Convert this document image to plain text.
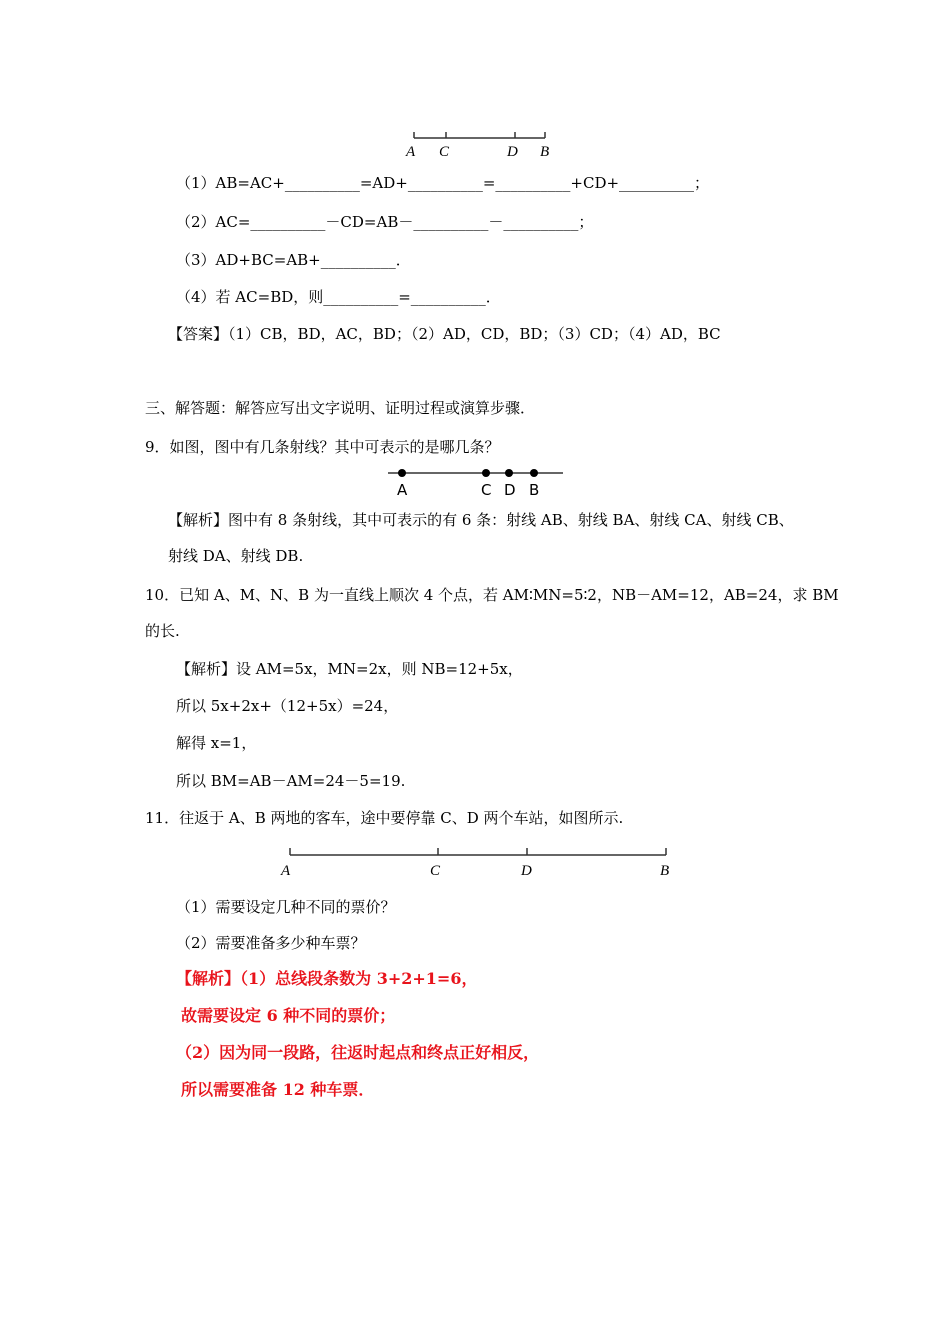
A C	D B
（1）AB=AC+__________=AD+__________=__________+CD+__________；
（2）AC=__________－CD=AB－__________－__________；
（3）AD+BC=AB+__________．
（4）若 AC=BD，则__________=__________．
【答案】（1）CB，BD，AC，BD；（2）AD，CD，BD；（3）CD；（4）AD，BC
三、解答题：解答应写出文字说明、证明过程或演算步骤．
9．如图，图中有几条射线？其中可表示的是哪几条？
A	C D B
【解析】图中有 8 条射线，其中可表示的有 6 条：射线 AB、射线 BA、射线 CA、射线 CB、
射线 DA、射线 DB.
10．已知 A、M、N、B 为一直线上顺次 4 个点，若 AM∶MN=5∶2，NB－AM=12，AB=24，求 BM
的长.
【解析】设 AM=5x，MN=2x，则 NB=12+5x，
所以 5x+2x+（12+5x）=24，
解得 x=1，
所以 BM=AB－AM=24－5=19.
11．往返于 A、B 两地的客车，途中要停靠 C、D 两个车站，如图所示.
A	C	D	B
（1）需要设定几种不同的票价？
（2）需要准备多少种车票？
【解析】（1）总线段条数为 3+2+1=6，
故需要设定 6 种不同的票价；
（2）因为同一段路，往返时起点和终点正好相反，
所以需要准备 12 种车票．
